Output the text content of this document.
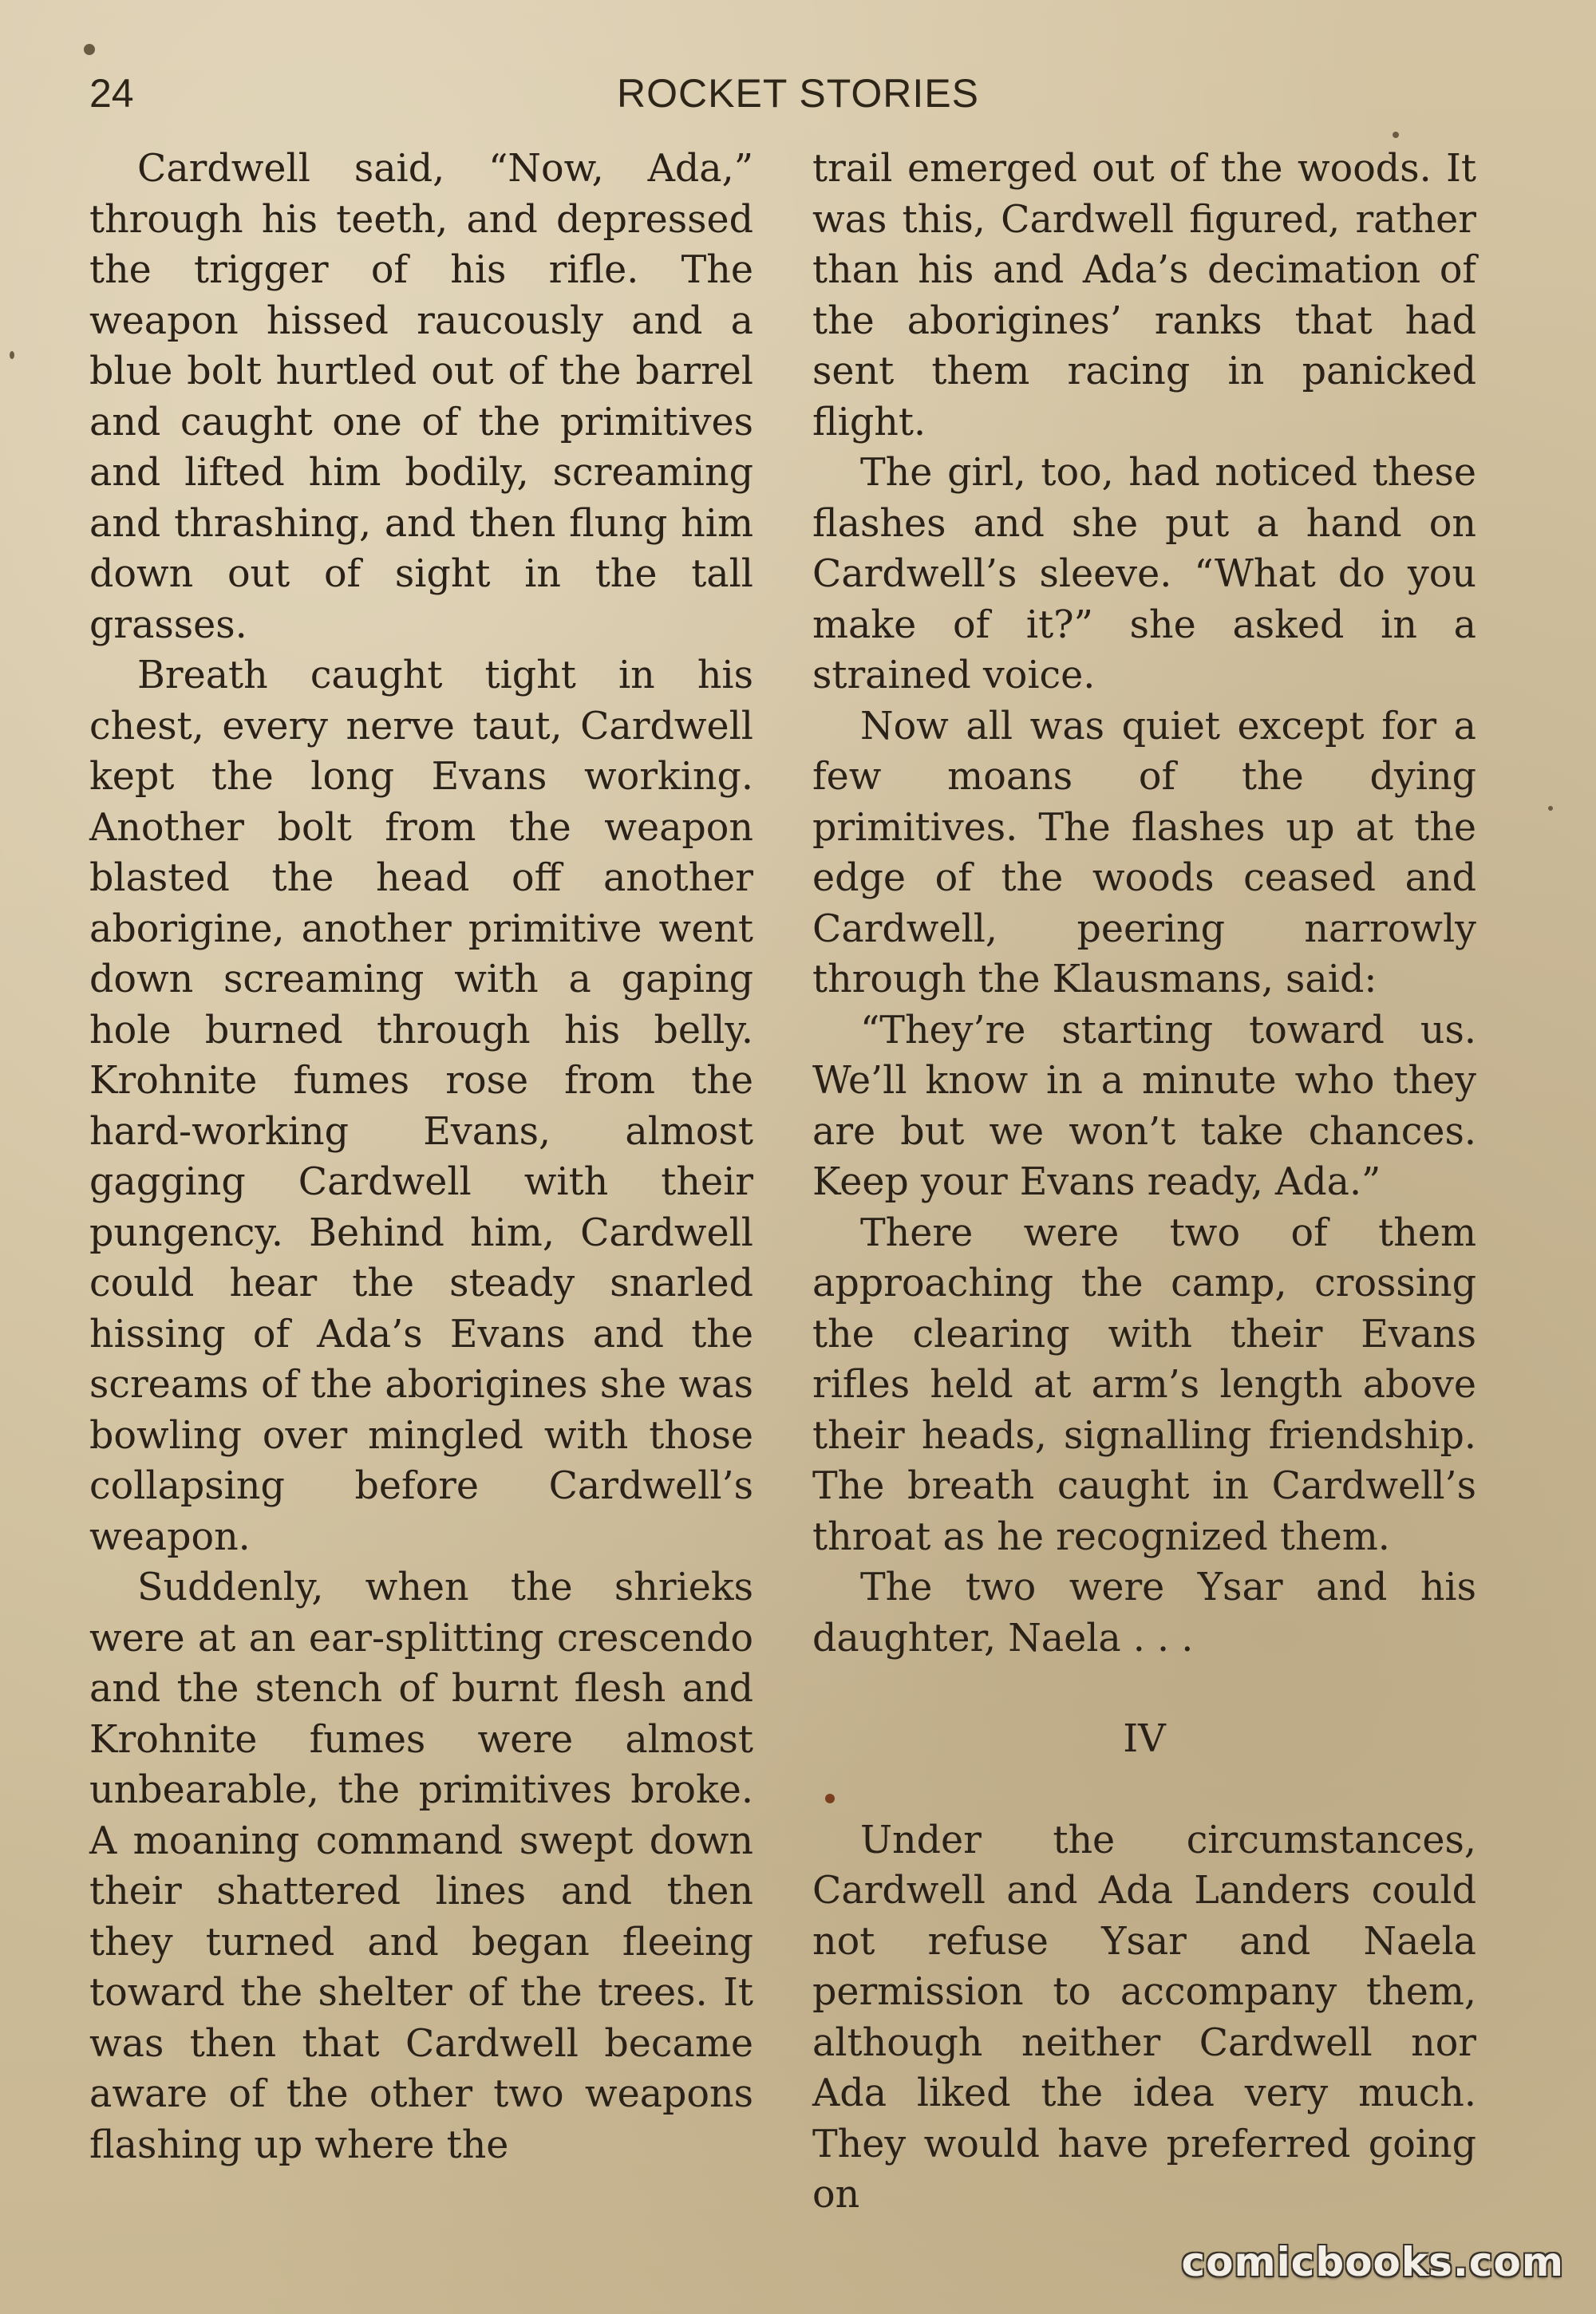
24	ROCKET STORIES

Cardwell said, “Now, Ada,” through his teeth, and depressed the trigger of his rifle. The weapon hissed raucously and a blue bolt hurtled out of the barrel and caught one of the primitives and lifted him bodily, screaming and thrashing, and then flung him down out of sight in the tall grasses.

Breath caught tight in his chest, every nerve taut, Cardwell kept the long Evans working. Another bolt from the weapon blasted the head off another aborigine, another primitive went down screaming with a gaping hole burned through his belly. Krohnite fumes rose from the hard-working Evans, almost gagging Cardwell with their pungency. Behind him, Cardwell could hear the steady snarled hissing of Ada’s Evans and the screams of the aborigines she was bowling over mingled with those collapsing before Cardwell’s weapon.

Suddenly, when the shrieks were at an ear-splitting crescendo and the stench of burnt flesh and Krohnite fumes were almost unbearable, the primitives broke. A moaning command swept down their shattered lines and then they turned and began fleeing toward the shelter of the trees. It was then that Cardwell became aware of the other two weapons flashing up where the

trail emerged out of the woods. It was this, Cardwell figured, rather than his and Ada’s decimation of the aborigines’ ranks that had sent them racing in panicked flight.

The girl, too, had noticed these flashes and she put a hand on Cardwell’s sleeve. “What do you make of it?” she asked in a strained voice.

Now all was quiet except for a few moans of the dying primitives. The flashes up at the edge of the woods ceased and Cardwell, peering narrowly through the Klausmans, said:

“They’re starting toward us. We’ll know in a minute who they are but we won’t take chances. Keep your Evans ready, Ada.”

There were two of them approaching the camp, crossing the clearing with their Evans rifles held at arm’s length above their heads, signalling friendship. The breath caught in Cardwell’s throat as he recognized them.

The two were Ysar and his daughter, Naela . . .

IV

Under the circumstances, Cardwell and Ada Landers could not refuse Ysar and Naela permission to accompany them, although neither Cardwell nor Ada liked the idea very much. They would have preferred going on

comicbooks.com
